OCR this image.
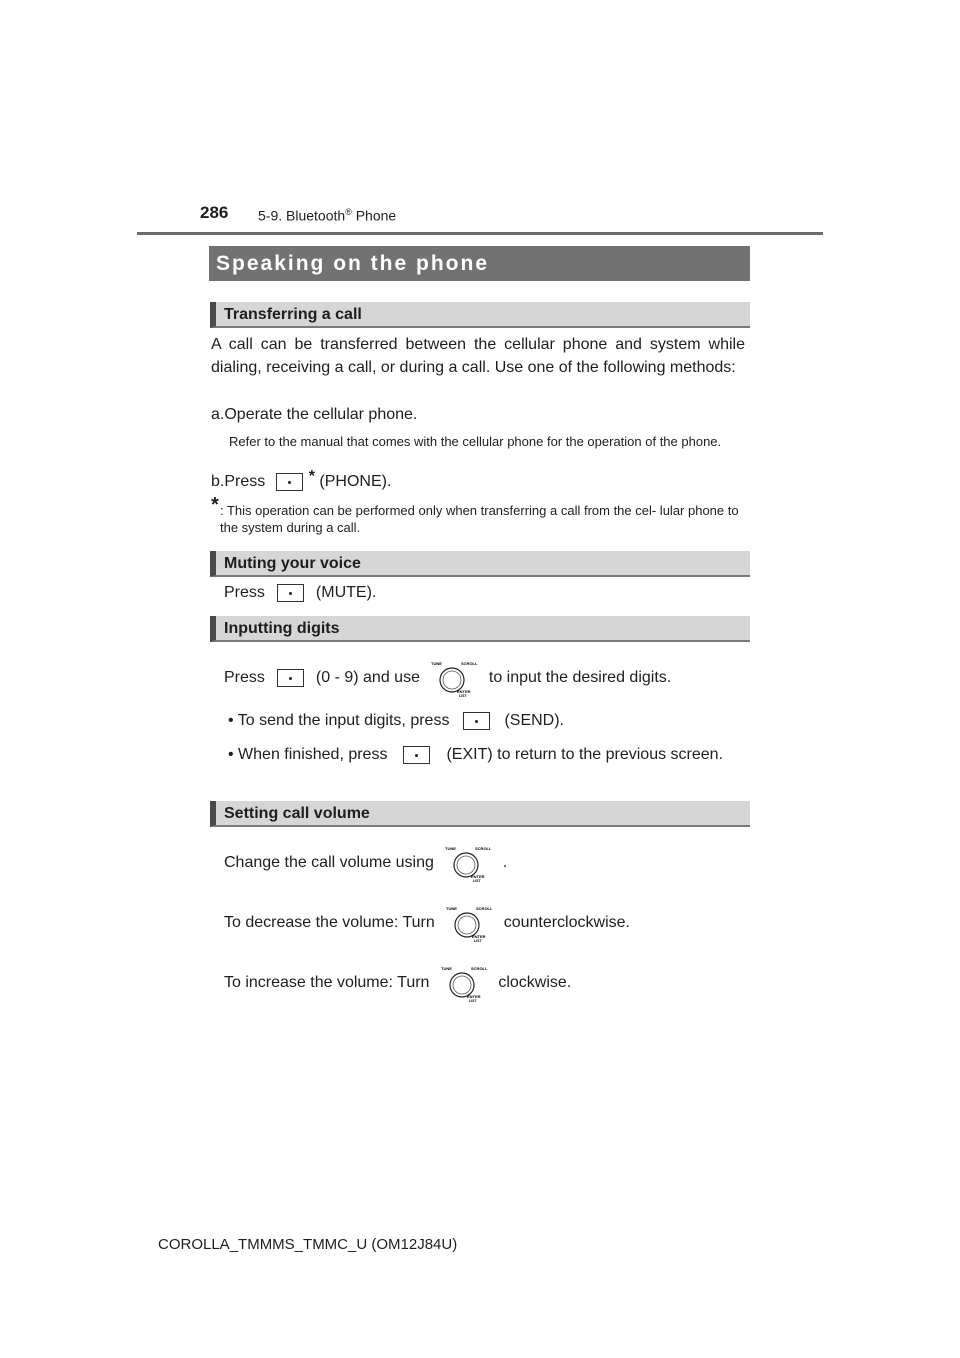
286 5-9. Bluetooth® Phone
Speaking on the phone
Transferring a call
A call can be transferred between the cellular phone and system while dialing, receiving a call, or during a call. Use one of the following methods:
a.Operate the cellular phone.
Refer to the manual that comes with the cellular phone for the operation of the phone.
b.Press	* (PHONE).
* : This operation can be performed only when transferring a call from the cel- lular phone to the system during a call.
Muting your voice
Press	(MUTE).
Inputting digits
Press	(0 - 9) and use
TUNE	SCROLL
ENTER
LIST
to input the desired digits.
• To send the input digits, press	(SEND).
• When finished, press	(EXIT) to return to the previous screen.
Setting call volume
Change the call volume using
TUNE	SCROLL
ENTER
LIST
.
To decrease the volume: Turn
TUNE	SCROLL
ENTER
LIST
counterclockwise.
To increase the volume: Turn
TUNE	SCROLL
ENTER
LIST
clockwise.
COROLLA_TMMMS_TMMC_U (OM12J84U)
